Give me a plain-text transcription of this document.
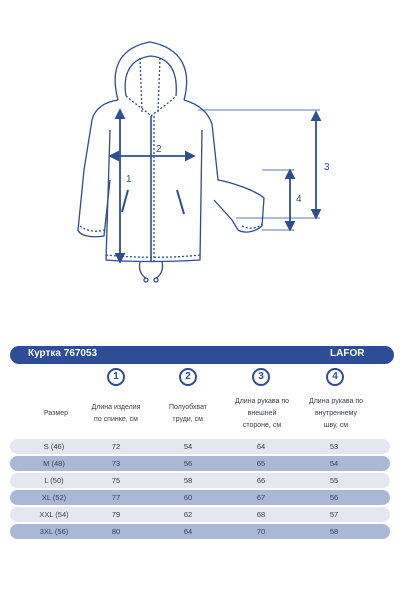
1
2
3
4
Куртка 767053	LAFOR
1	2	3	4
Размер
Длина изделия
по спинке, см
Полуобхват
груди, см
Длина рукава по
внешней
стороне, см
Длина рукава по
внутреннему
шву, см
S (46)	72	54	64	53
M (48)	73	56	65	54
L (50)	75	58	66	55
XL (52)	77	60	67	56
XXL (54)	79	62	68	57
3XL (56)	80	64	70	58
